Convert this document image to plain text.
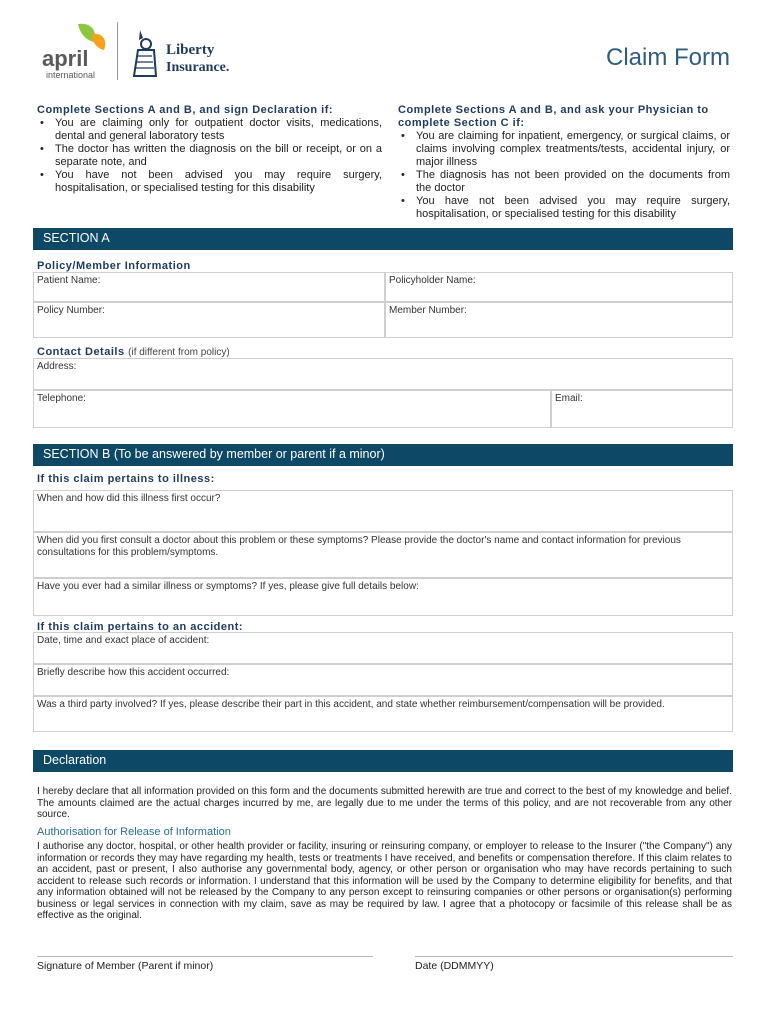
april
international
Liberty
Insurance.	Claim Form
Complete Sections A and B, and sign Declaration if:
• You are claiming only for outpatient doctor visits, medications, dental and general laboratory tests
• The doctor has written the diagnosis on the bill or receipt, or on a separate note, and
• You have not been advised you may require surgery, hospitalisation, or specialised testing for this disability
Complete Sections A and B, and ask your Physician to complete Section C if:
• You are claiming for inpatient, emergency, or surgical claims, or claims involving complex treatments/tests, accidental injury, or major illness
• The diagnosis has not been provided on the documents from the doctor
• You have not been advised you may require surgery, hospitalisation, or specialised testing for this disability
SECTION A
Policy/Member Information
Patient Name:	Policyholder Name:
Policy Number:	Member Number:
Contact Details (if different from policy)
Address:
Telephone:	Email:
SECTION B (To be answered by member or parent if a minor)
If this claim pertains to illness:
When and how did this illness first occur?
When did you first consult a doctor about this problem or these symptoms? Please provide the doctor's name and contact information for previous consultations for this problem/symptoms.
Have you ever had a similar illness or symptoms? If yes, please give full details below:
If this claim pertains to an accident:
Date, time and exact place of accident:
Briefly describe how this accident occurred:
Was a third party involved? If yes, please describe their part in this accident, and state whether reimbursement/compensation will be provided.
Declaration
I hereby declare that all information provided on this form and the documents submitted herewith are true and correct to the best of my knowledge and belief. The amounts claimed are the actual charges incurred by me, are legally due to me under the terms of this policy, and are not recoverable from any other source.
Authorisation for Release of Information
I authorise any doctor, hospital, or other health provider or facility, insuring or reinsuring company, or employer to release to the Insurer ("the Company") any information or records they may have regarding my health, tests or treatments I have received, and benefits or compensation therefore. If this claim relates to an accident, past or present, I also authorise any governmental body, agency, or other person or organisation who may have records pertaining to such accident to release such records or information. I understand that this information will be used by the Company to determine eligibility for benefits, and that any information obtained will not be released by the Company to any person except to reinsuring companies or other persons or organisation(s) performing business or legal services in connection with my claim, save as may be required by law. I agree that a photocopy or facsimile of this release shall be as effective as the original.
Signature of Member (Parent if minor)	Date (DDMMYY)
